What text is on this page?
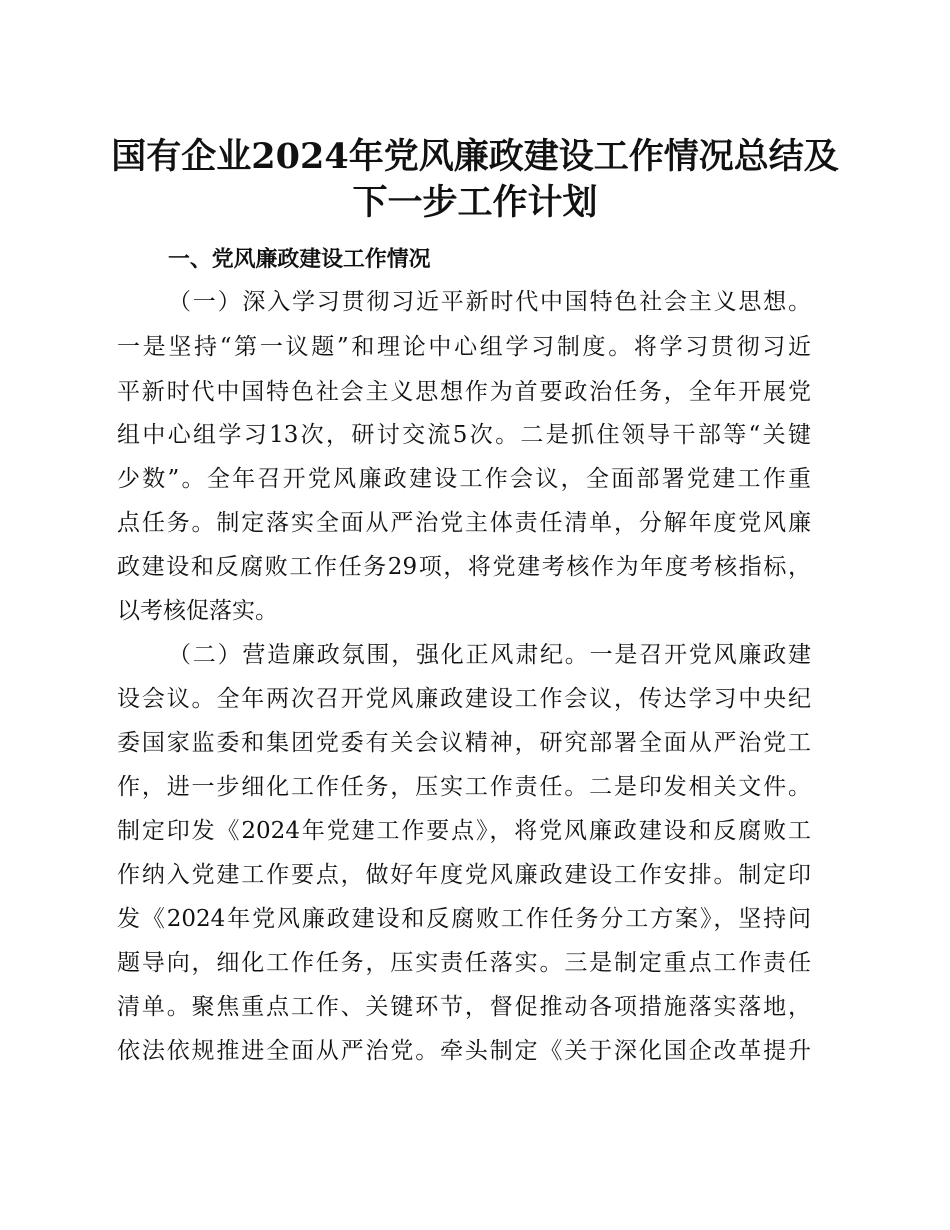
国有企业2024年党风廉政建设工作情况总结及
下一步工作计划
一、党风廉政建设工作情况

（一）深入学习贯彻习近平新时代中国特色社会主义思想。

一是坚持“第一议题”和理论中心组学习制度。将学习贯彻习近

平新时代中国特色社会主义思想作为首要政治任务，全年开展党

组中心组学习13次，研讨交流5次。二是抓住领导干部等“关键

少数”。全年召开党风廉政建设工作会议，全面部署党建工作重

点任务。制定落实全面从严治党主体责任清单，分解年度党风廉

政建设和反腐败工作任务29项，将党建考核作为年度考核指标，

以考核促落实。

（二）营造廉政氛围，强化正风肃纪。一是召开党风廉政建

设会议。全年两次召开党风廉政建设工作会议，传达学习中央纪

委国家监委和集团党委有关会议精神，研究部署全面从严治党工

作，进一步细化工作任务，压实工作责任。二是印发相关文件。

制定印发《2024年党建工作要点》，将党风廉政建设和反腐败工

作纳入党建工作要点，做好年度党风廉政建设工作安排。制定印

发《2024年党风廉政建设和反腐败工作任务分工方案》，坚持问

题导向，细化工作任务，压实责任落实。三是制定重点工作责任

清单。聚焦重点工作、关键环节，督促推动各项措施落实落地，

依法依规推进全面从严治党。牵头制定《关于深化国企改革提升
